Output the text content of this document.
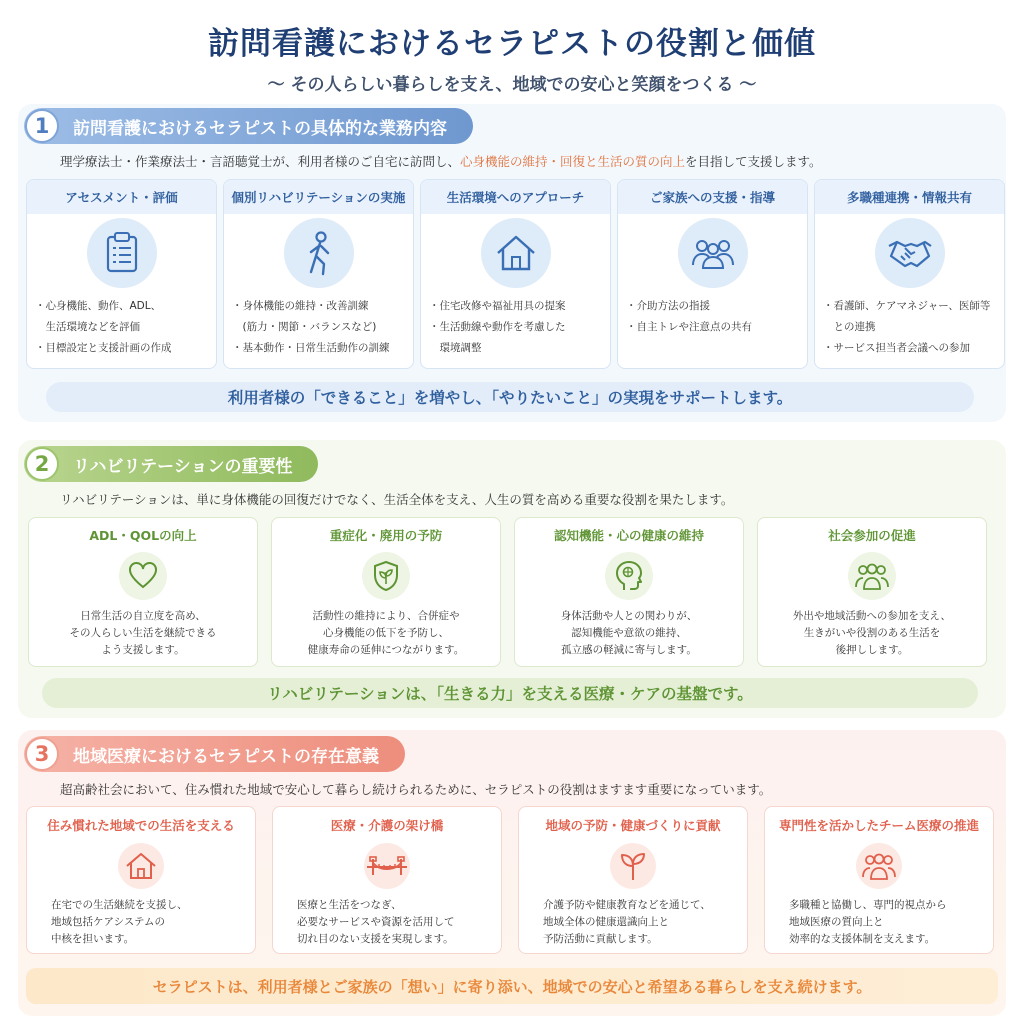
訪問看護におけるセラピストの役割と価値
〜 その人らしい暮らしを支え、地域での安心と笑顔をつくる 〜
1	訪問看護におけるセラピストの具体的な業務内容
理学療法士・作業療法士・言語聴覚士が、利用者様のご自宅に訪問し、心身機能の維持・回復と生活の質の向上を目指して支援します。
アセスメント・評価
・心身機能、動作、ADL、
　生活環境などを評価
・目標設定と支援計画の作成
個別リハビリテーションの実施
・身体機能の維持・改善訓練
　(筋力・関節・バランスなど)
・基本動作・日常生活動作の訓練
生活環境へのアプローチ
・住宅改修や福祉用具の提案
・生活動線や動作を考慮した
　環境調整
ご家族への支援・指導
・介助方法の指援
・自主トレや注意点の共有
多職種連携・情報共有
・看護師、ケアマネジャー、医師等
　との連携
・サービス担当者会議への参加
利用者様の「できること」を増やし、「やりたいこと」の実現をサポートします。
2	リハビリテーションの重要性
リハビリテーションは、単に身体機能の回復だけでなく、生活全体を支え、人生の質を高める重要な役割を果たします。
ADL・QOLの向上
日常生活の自立度を高め、
その人らしい生活を継続できる
よう支援します。
重症化・廃用の予防
活動性の維持により、合併症や
心身機能の低下を予防し、
健康寿命の延伸につながります。
認知機能・心の健康の維持
身体活動や人との関わりが、
認知機能や意欲の維持、
孤立感の軽減に寄与します。
社会参加の促進
外出や地域活動への参加を支え、
生きがいや役割のある生活を
後押しします。
リハビリテーションは、「生きる力」を支える医療・ケアの基盤です。
3	地域医療におけるセラピストの存在意義
超高齢社会において、住み慣れた地域で安心して暮らし続けられるために、セラピストの役割はますます重要になっています。
住み慣れた地域での生活を支える
在宅での生活継続を支援し、
地域包括ケアシステムの
中核を担います。
医療・介護の架け橋
医療と生活をつなぎ、
必要なサービスや資源を活用して
切れ目のない支援を実現します。
地域の予防・健康づくりに貢献
介護予防や健康教育などを通じて、
地域全体の健康還識向上と
予防活動に貢献します。
専門性を活かしたチーム医療の推進
多職種と協働し、専門的視点から
地域医療の質向上と
効率的な支援体制を支えます。
セラピストは、利用者様とご家族の「想い」に寄り添い、地域での安心と希望ある暮らしを支え続けます。
